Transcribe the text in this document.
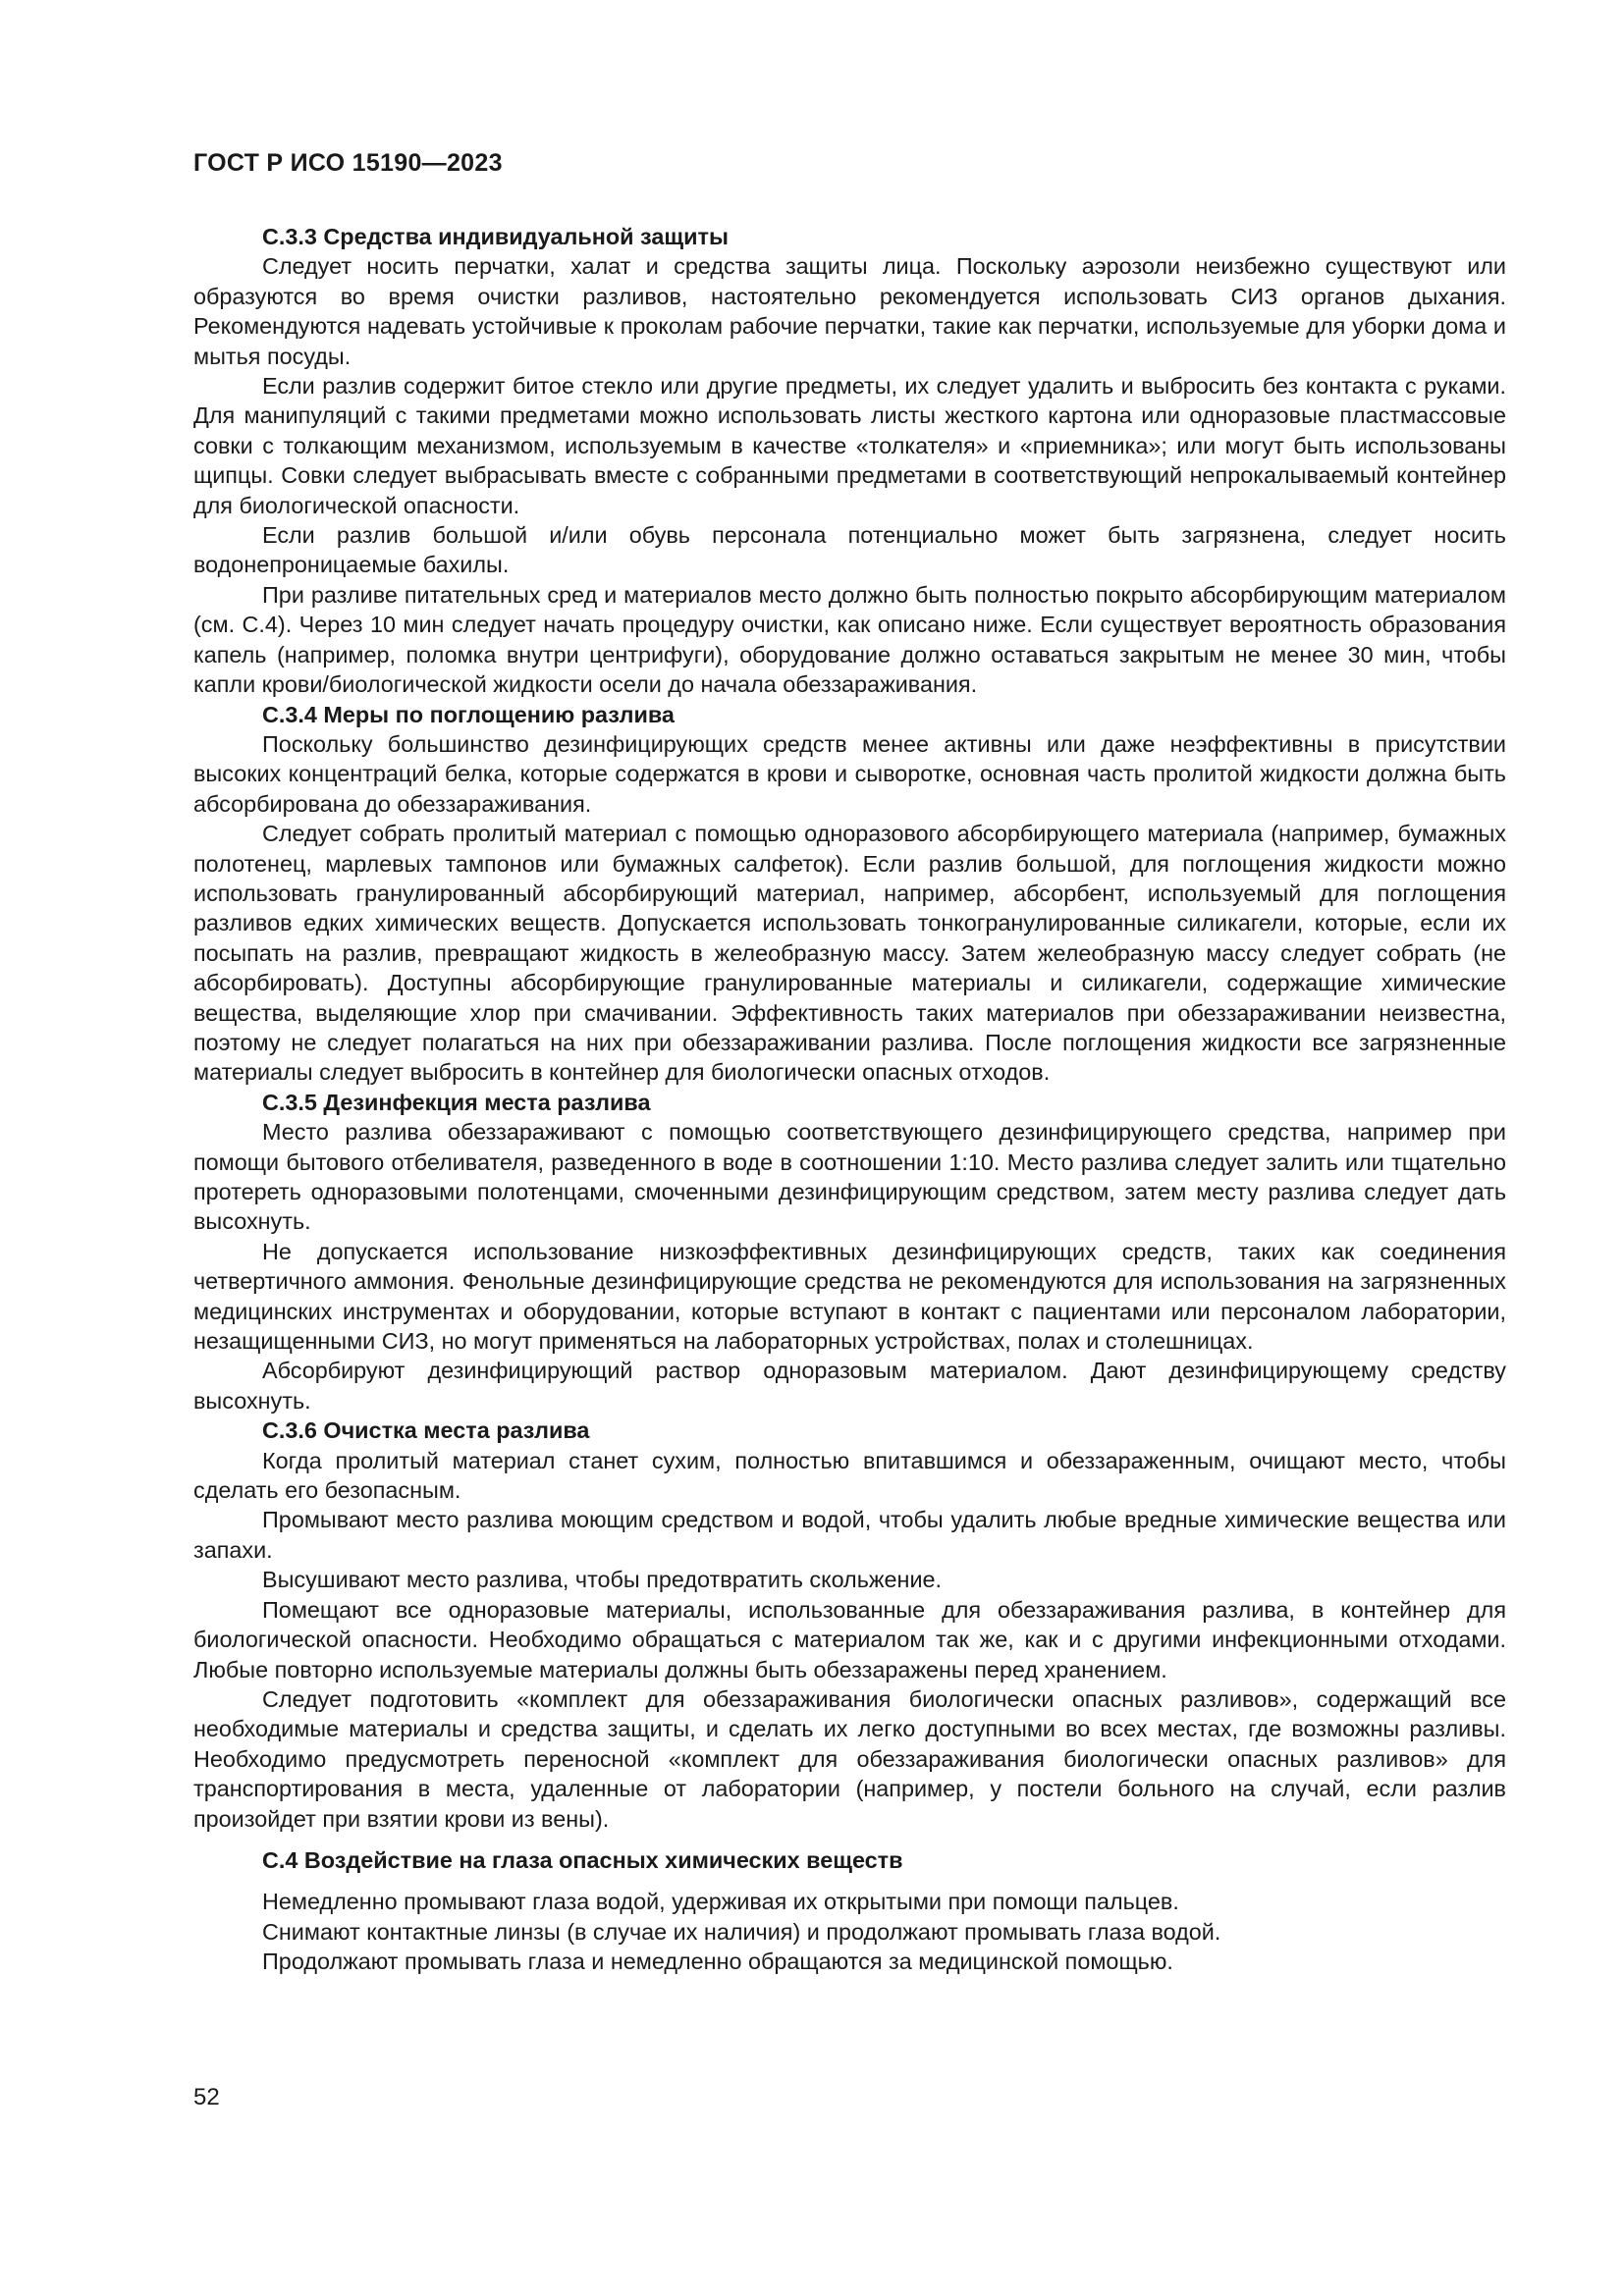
ГОСТ Р ИСО 15190—2023
С.3.3 Средства индивидуальной защиты

Следует носить перчатки, халат и средства защиты лица. Поскольку аэрозоли неизбежно существуют или образуются во время очистки разливов, настоятельно рекомендуется использовать СИЗ органов дыхания. Рекомендуются надевать устойчивые к проколам рабочие перчатки, такие как перчатки, используемые для уборки дома и мытья посуды.

Если разлив содержит битое стекло или другие предметы, их следует удалить и выбросить без контакта с руками. Для манипуляций с такими предметами можно использовать листы жесткого картона или одноразовые пластмассовые совки с толкающим механизмом, используемым в качестве «толкателя» и «приемника»; или могут быть использованы щипцы. Совки следует выбрасывать вместе с собранными предметами в соответствующий непрокалываемый контейнер для биологической опасности.

Если разлив большой и/или обувь персонала потенциально может быть загрязнена, следует носить водонепроницаемые бахилы.

При разливе питательных сред и материалов место должно быть полностью покрыто абсорбирующим материалом (см. С.4). Через 10 мин следует начать процедуру очистки, как описано ниже. Если существует вероятность образования капель (например, поломка внутри центрифуги), оборудование должно оставаться закрытым не менее 30 мин, чтобы капли крови/биологической жидкости осели до начала обеззараживания.

С.3.4 Меры по поглощению разлива

Поскольку большинство дезинфицирующих средств менее активны или даже неэффективны в присутствии высоких концентраций белка, которые содержатся в крови и сыворотке, основная часть пролитой жидкости должна быть абсорбирована до обеззараживания.

Следует собрать пролитый материал с помощью одноразового абсорбирующего материала (например, бумажных полотенец, марлевых тампонов или бумажных салфеток). Если разлив большой, для поглощения жидкости можно использовать гранулированный абсорбирующий материал, например, абсорбент, используемый для поглощения разливов едких химических веществ. Допускается использовать тонкогранулированные силикагели, которые, если их посыпать на разлив, превращают жидкость в желеобразную массу. Затем желеобразную массу следует собрать (не абсорбировать). Доступны абсорбирующие гранулированные материалы и силикагели, содержащие химические вещества, выделяющие хлор при смачивании. Эффективность таких материалов при обеззараживании неизвестна, поэтому не следует полагаться на них при обеззараживании разлива. После поглощения жидкости все загрязненные материалы следует выбросить в контейнер для биологически опасных отходов.

С.3.5 Дезинфекция места разлива

Место разлива обеззараживают с помощью соответствующего дезинфицирующего средства, например при помощи бытового отбеливателя, разведенного в воде в соотношении 1:10. Место разлива следует залить или тщательно протереть одноразовыми полотенцами, смоченными дезинфицирующим средством, затем месту разлива следует дать высохнуть.

Не допускается использование низкоэффективных дезинфицирующих средств, таких как соединения четвертичного аммония. Фенольные дезинфицирующие средства не рекомендуются для использования на загрязненных медицинских инструментах и оборудовании, которые вступают в контакт с пациентами или персоналом лаборатории, незащищенными СИЗ, но могут применяться на лабораторных устройствах, полах и столешницах.

Абсорбируют дезинфицирующий раствор одноразовым материалом. Дают дезинфицирующему средству высохнуть.

С.3.6 Очистка места разлива

Когда пролитый материал станет сухим, полностью впитавшимся и обеззараженным, очищают место, чтобы сделать его безопасным.

Промывают место разлива моющим средством и водой, чтобы удалить любые вредные химические вещества или запахи.

Высушивают место разлива, чтобы предотвратить скольжение.

Помещают все одноразовые материалы, использованные для обеззараживания разлива, в контейнер для биологической опасности. Необходимо обращаться с материалом так же, как и с другими инфекционными отходами. Любые повторно используемые материалы должны быть обеззаражены перед хранением.

Следует подготовить «комплект для обеззараживания биологически опасных разливов», содержащий все необходимые материалы и средства защиты, и сделать их легко доступными во всех местах, где возможны разливы. Необходимо предусмотреть переносной «комплект для обеззараживания биологически опасных разливов» для транспортирования в места, удаленные от лаборатории (например, у постели больного на случай, если разлив произойдет при взятии крови из вены).

С.4 Воздействие на глаза опасных химических веществ

Немедленно промывают глаза водой, удерживая их открытыми при помощи пальцев.

Снимают контактные линзы (в случае их наличия) и продолжают промывать глаза водой.

Продолжают промывать глаза и немедленно обращаются за медицинской помощью.

52
